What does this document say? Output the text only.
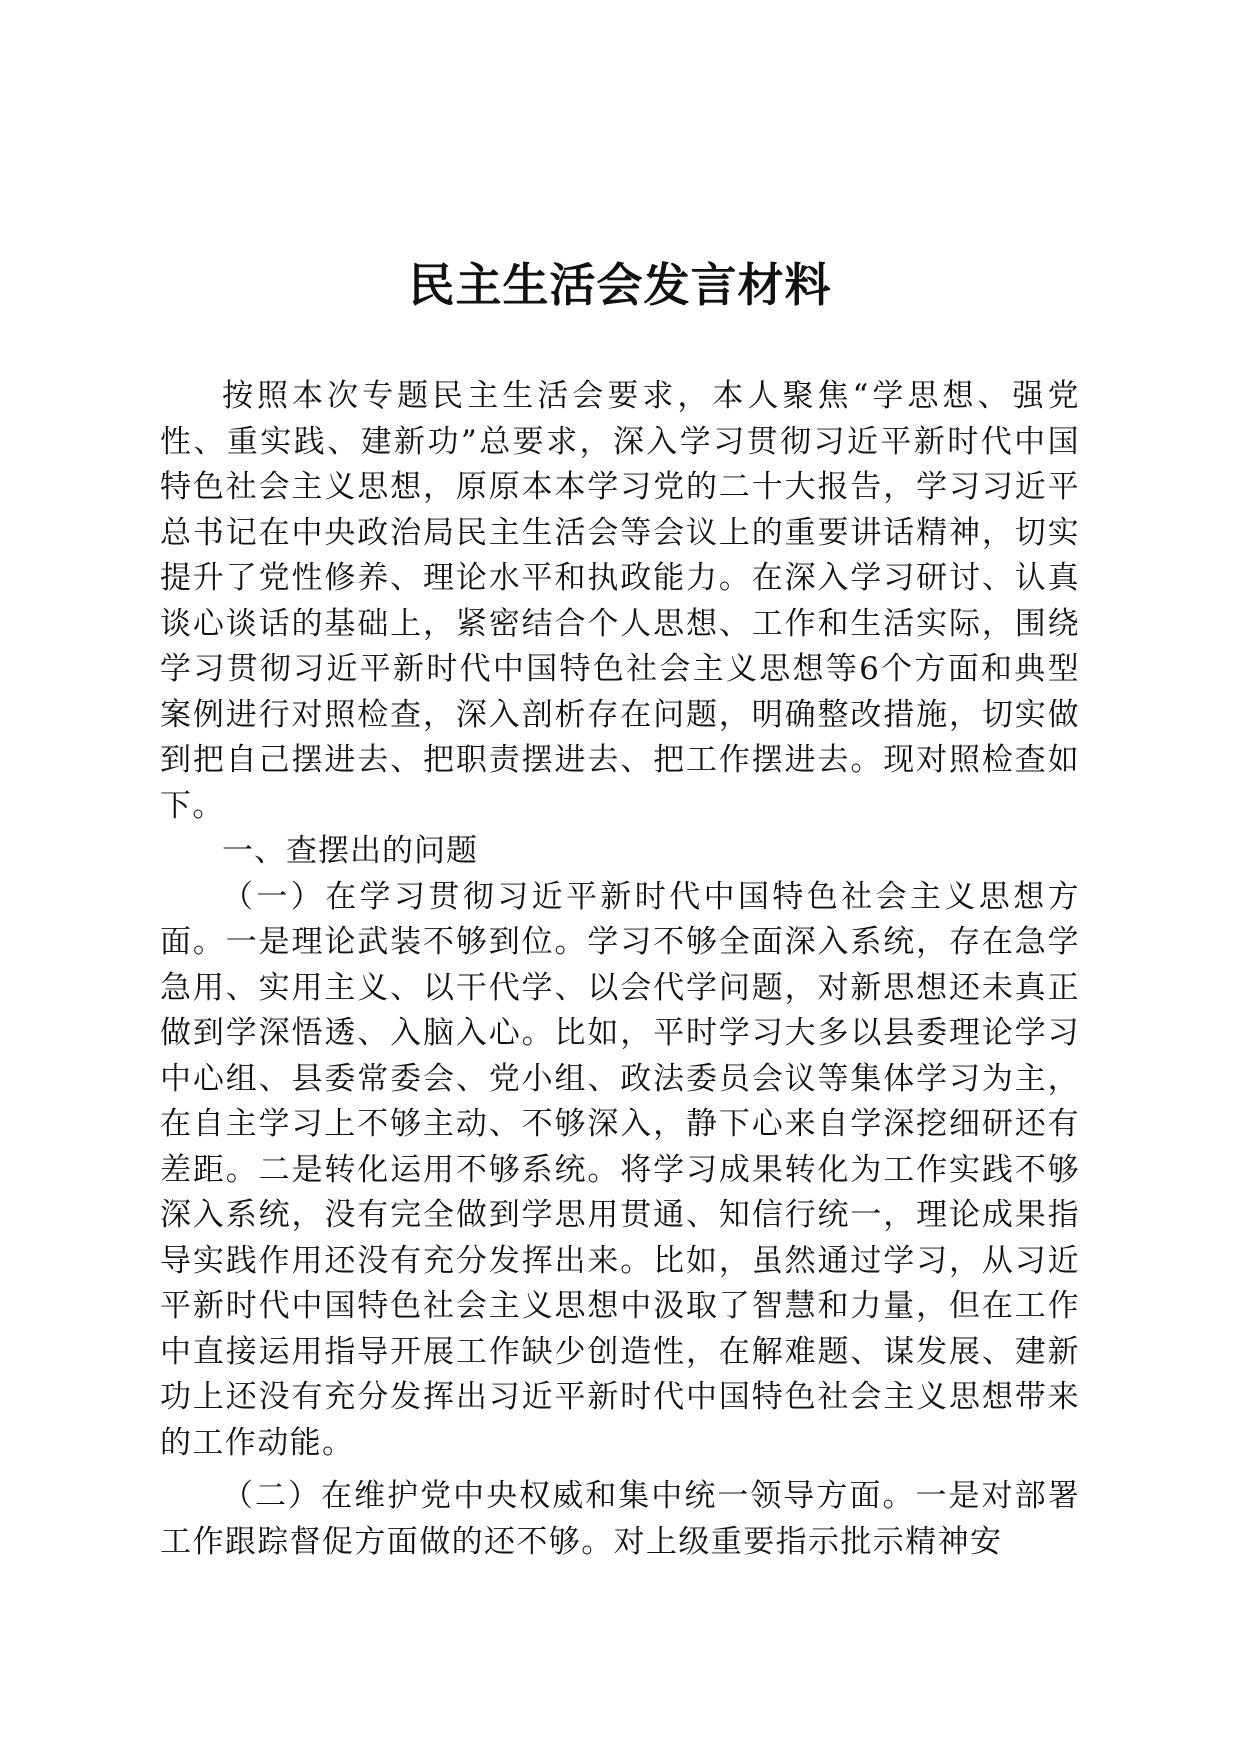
民主生活会发言材料

按照本次专题民主生活会要求，本人聚焦“学思想、强党性、重实践、建新功”总要求，深入学习贯彻习近平新时代中国特色社会主义思想，原原本本学习党的二十大报告，学习习近平总书记在中央政治局民主生活会等会议上的重要讲话精神，切实提升了党性修养、理论水平和执政能力。在深入学习研讨、认真谈心谈话的基础上，紧密结合个人思想、工作和生活实际，围绕学习贯彻习近平新时代中国特色社会主义思想等6个方面和典型案例进行对照检查，深入剖析存在问题，明确整改措施，切实做到把自己摆进去、把职责摆进去、把工作摆进去。现对照检查如下。

一、查摆出的问题

（一）在学习贯彻习近平新时代中国特色社会主义思想方面。一是理论武装不够到位。学习不够全面深入系统，存在急学急用、实用主义、以干代学、以会代学问题，对新思想还未真正做到学深悟透、入脑入心。比如，平时学习大多以县委理论学习中心组、县委常委会、党小组、政法委员会议等集体学习为主，在自主学习上不够主动、不够深入，静下心来自学深挖细研还有差距。二是转化运用不够系统。将学习成果转化为工作实践不够深入系统，没有完全做到学思用贯通、知信行统一，理论成果指导实践作用还没有充分发挥出来。比如，虽然通过学习，从习近平新时代中国特色社会主义思想中汲取了智慧和力量，但在工作中直接运用指导开展工作缺少创造性，在解难题、谋发展、建新功上还没有充分发挥出习近平新时代中国特色社会主义思想带来的工作动能。

（二）在维护党中央权威和集中统一领导方面。一是对部署工作跟踪督促方面做的还不够。对上级重要指示批示精神安
